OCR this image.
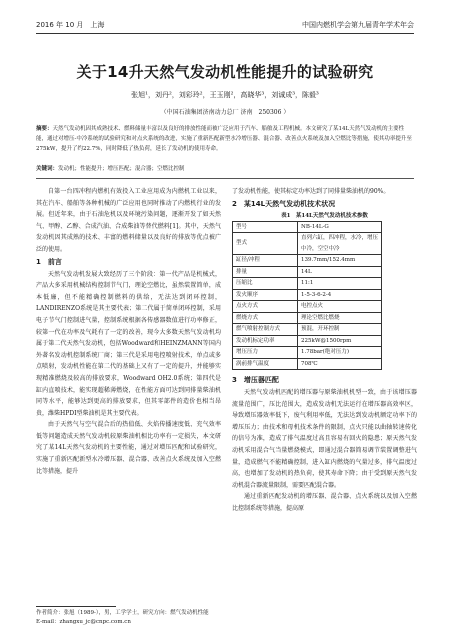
2016 年 10 月　上海	中国内燃机学会第九届青年学术年会
关于14升天然气发动机性能提升的试验研究
张旭¹，刘丹²，刘彩玲²，王玉刚²，高晓华³，刘诚成³，陈毅³
（中国石油集团济南动力总厂 济南　250306 ）
摘要：天然气发动机因其成熟技术、燃料储量丰富以及良好的排放性能而被广泛应用于汽车、船舶及工程机械。本文研究了某14L天然气发动机的主要性能，通过对增压-中冷系统的试验研究和对点火系统的改进，实施了重新匹配新型水冷增压器、混合器、改善点火系统及加入空燃比等措施，使其功率提升至275kW，提升了约22.7%，同时降低了热负荷，延长了发动机的使用寿命。
关键词：发动机；性能提升；增压匹配；混合器；空燃比控制

自第一台四冲程内燃机有效投入工业应用成为内燃机工业以来，其在汽车、船舶等各种机械的广泛应用也同时推动了内燃机行业的发展。但近年来，由于石油危机以及环境污染问题，逐渐开发了如天然气、甲醇、乙醇、合成汽油、合成柴油等替代燃料[1]。其中，天然气发动机因其成熟的技术、丰富的燃料储量以及良好的排放等优点被广泛的使用。

1　前言

天然气发动机发展大致经历了三个阶段：第一代产品是机械式，产品大多采用机械结构控制节气门，理论空燃比，虽然装置简单，成本低廉，但不能精确控制燃料的供给，无法达到闭环控制，LANDIRENZO系统是其主要代表；第二代属于简单闭环控制，采用电子节气门控制进气量，控制系统根据各传感器数值进行功率修正，较第一代在功率及气耗有了一定的改善，现今大多数天然气发动机均属于第二代天然气发动机，包括Woodward和HEINZMANN等国内外著名发动机控制系统厂商；第三代是采用电控喷射技术，单点或多点喷射，发动机性能在第二代的基础上又有了一定的提升，并能够实现精准燃烧及较高的排放要求，Woodward OH2.0系统；第四代是缸内直喷技术，能实现超稀薄燃烧，在性能方面可达到同排量柴油机同等水平，能够达到更高的排放要求，但其零部件的造价也相当昂贵，潍柴HPDI型柴油机是其主要代表。

由于天然气与空气混合后的热值低、火焰传播速度低、充气效率低等问题造成天然气发动机较原柴油机相比功率有一定损失，本文研究了某14L天然气发动机的主要性能，通过对增压匹配和试验研究，实施了重新匹配新型水冷增压器、混合器、改善点火系统及加入空燃比等措施，提升

了发动机性能，使其标定功率达到了同排量柴油机的90%。

2　某14L天然气发动机技术状况
表1　某14L天然气发动机技术参数
型号	NB-14L-G
型式	直列六缸，四冲程，水冷，增压中冷，空空中冷
缸径/冲程	139.7mm/152.4mm
排量	14L
压缩比	11:1
发火顺序	1-5-3-6-2-4
点火方式	电控点火
燃烧方式	理论空燃比燃烧
燃气喷射控制方式	预混，开环控制
发动机标定功率	225kW@1500rpm
增压压力	1.78bar(绝对压力)
涡前排气温度	708℃
3　增压器匹配

天然气发动机匹配的增压器与原柴油机机型一致，由于该增压器流量范围广，压比范围大，造成发动机无法运行在增压器高效率区，导致增压器效率低下，废气利用率低，无法达到发动机额定功率下的增压压力；由技术和母机技术条件的限制，点火只能以曲轴转速传化的信号为准，造成了排气温度过高且容易有回火的隐患；原天然气发动机采用混合气当量燃烧模式，即通过混合器简易调节装置调整进气量，造成燃气不能精确控制，进入缸内燃烧的气量过多，排气温度过高，也增加了发动机的热负荷，使其寿命下降；由于受到原天然气发动机混合器流量限制，需要匹配混合器。

通过重新匹配发动机的增压器、混合器、点火系统以及加入空燃比控制系统等措施，提高原

作者简介：张旭（1989-），男，工学学士，研究方向：燃气发动机性能
E-mail：zhangxu_jc@cnpc.com.cn
